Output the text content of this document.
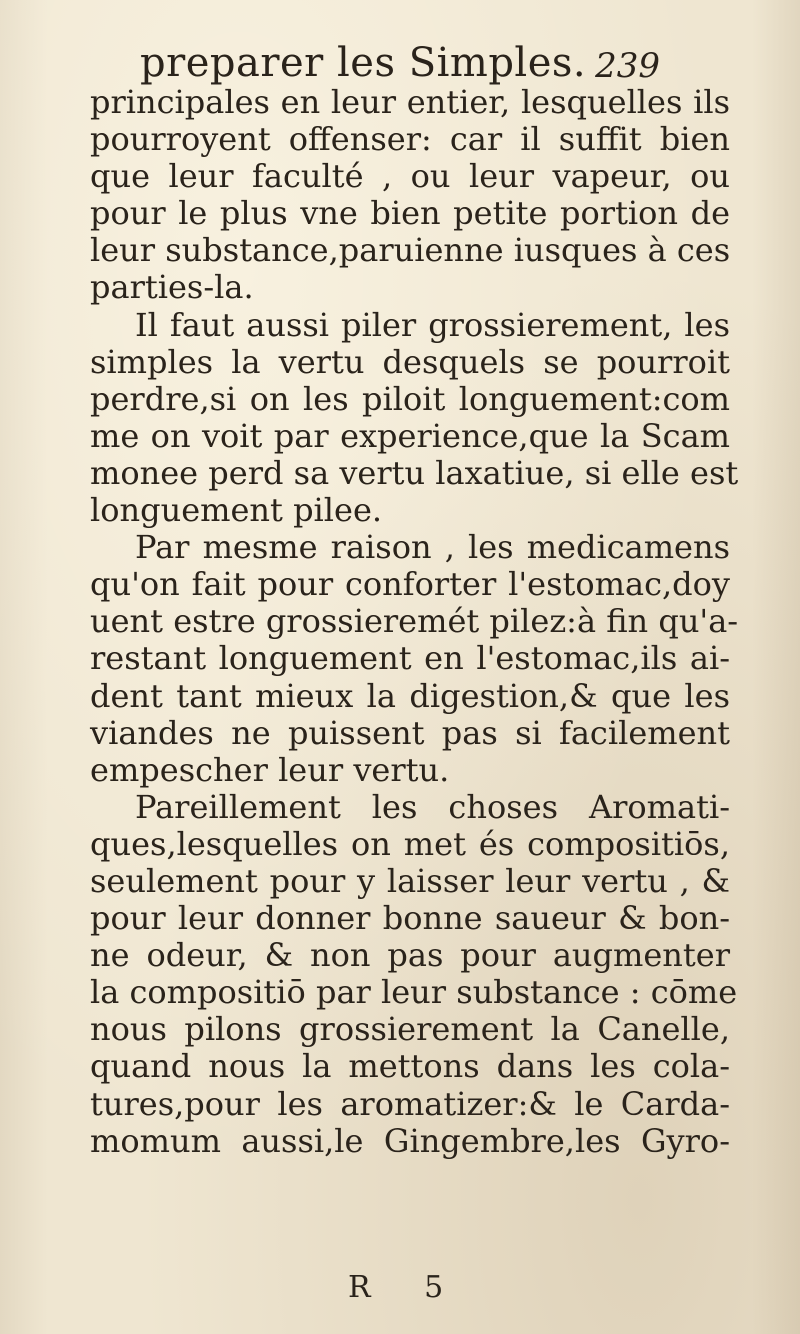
preparer les Simples. 239
principales en leur entier, lesquelles ils
pourroyent offenser: car il suffit bien
que leur faculté , ou leur vapeur, ou
pour le plus vne bien petite portion de
leur substance,paruienne iusques à ces
parties-la.
Il faut aussi piler grossierement, les
simples la vertu desquels se pourroit
perdre,si on les piloit longuement:com
me on voit par experience,que la Scam
monee perd sa vertu laxatiue, si elle est
longuement pilee.
Par mesme raison , les medicamens
qu'on fait pour conforter l'estomac,doy
uent estre grossieremét pilez:à fin qu'a-
restant longuement en l'estomac,ils ai-
dent tant mieux la digestion,& que les
viandes ne puissent pas si facilement
empescher leur vertu.
Pareillement les choses Aromati-
ques,lesquelles on met és compositiōs,
seulement pour y laisser leur vertu , &
pour leur donner bonne saueur & bon-
ne odeur, & non pas pour augmenter
la compositiō par leur substance : cōme
nous pilons grossierement la Canelle,
quand nous la mettons dans les cola-
tures,pour les aromatizer:& le Carda-
momum aussi,le Gingembre,les Gyro-
R 5
